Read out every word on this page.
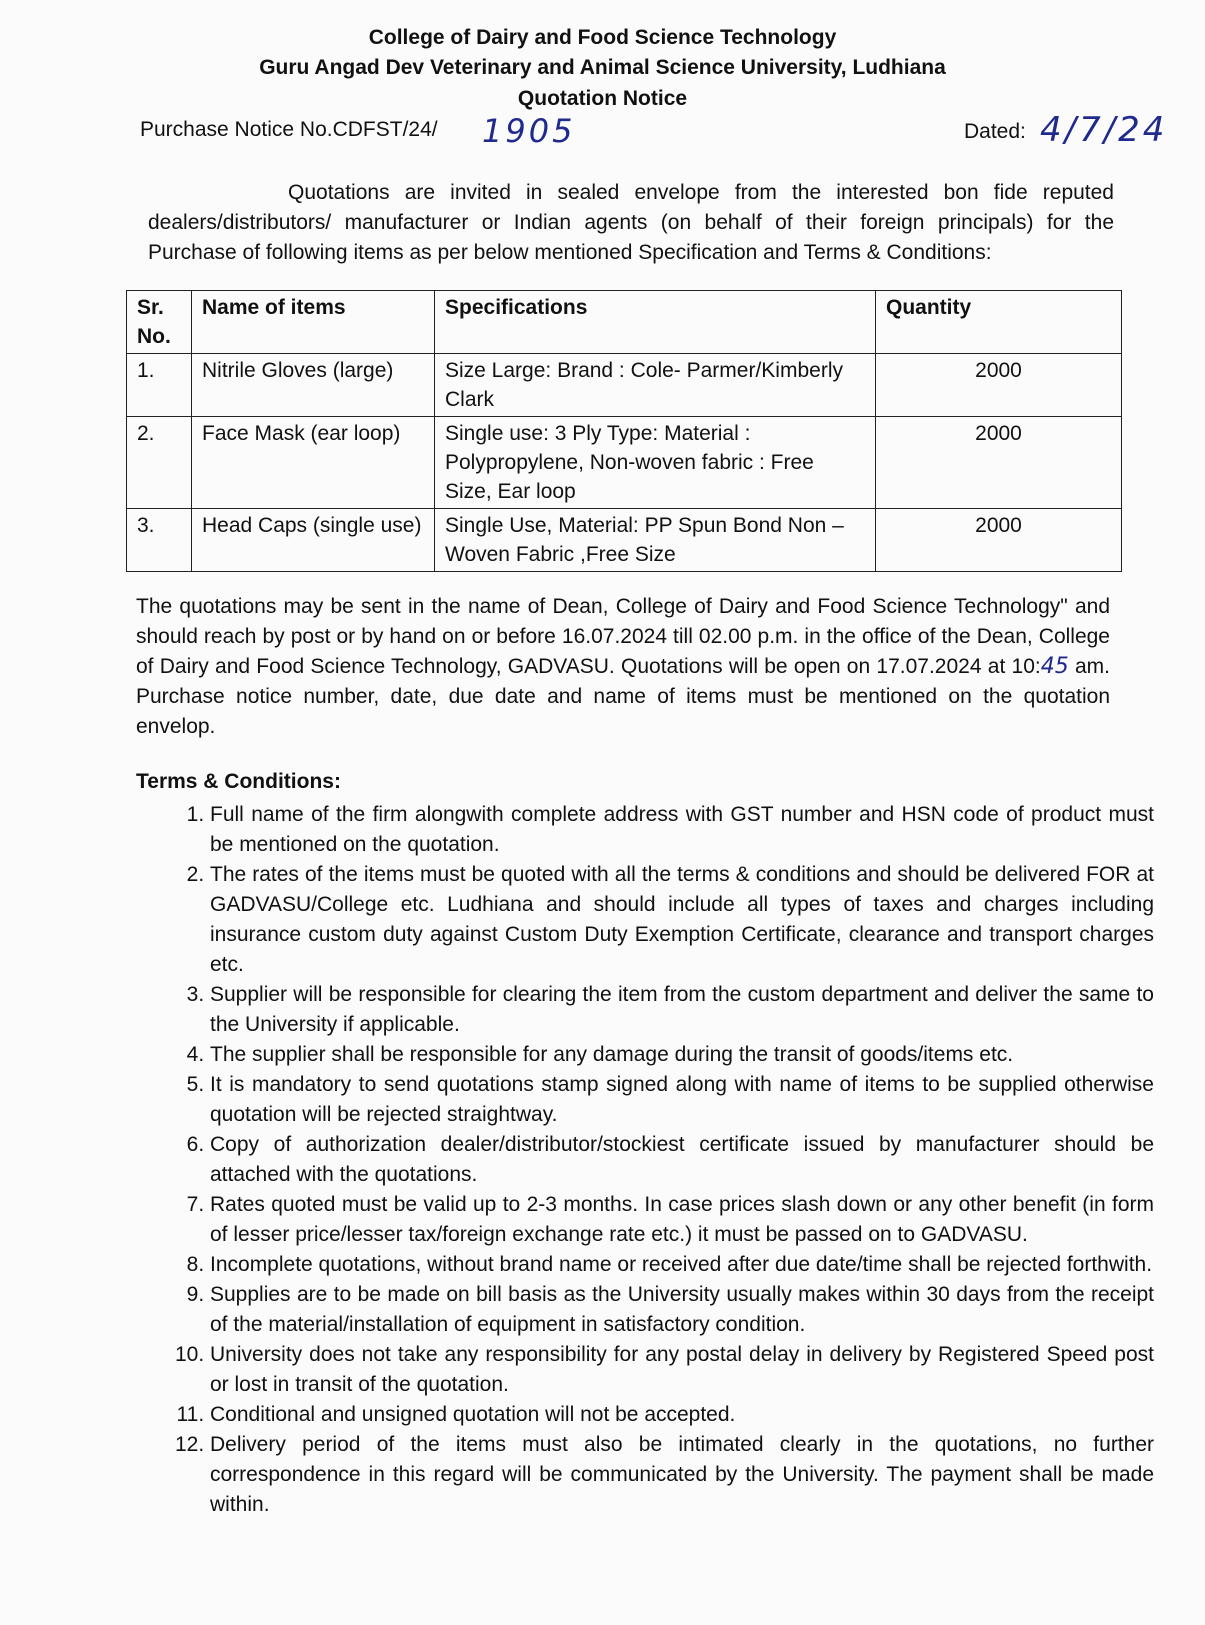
College of Dairy and Food Science Technology
Guru Angad Dev Veterinary and Animal Science University, Ludhiana
Quotation Notice
Purchase Notice No.CDFST/24/ 1905	Dated: 4/7/24
Quotations are invited in sealed envelope from the interested bon fide reputed dealers/distributors/ manufacturer or Indian agents (on behalf of their foreign principals) for the Purchase of following items as per below mentioned Specification and Terms & Conditions:
Sr. No.	Name of items	Specifications	Quantity
1.	Nitrile Gloves (large)	Size Large: Brand : Cole- Parmer/Kimberly Clark	2000
2.	Face Mask (ear loop)	Single use: 3 Ply Type: Material : Polypropylene, Non-woven fabric : Free Size, Ear loop	2000
3.	Head Caps (single use)	Single Use, Material: PP Spun Bond Non –Woven Fabric ,Free Size	2000
The quotations may be sent in the name of Dean, College of Dairy and Food Science Technology" and should reach by post or by hand on or before 16.07.2024 till 02.00 p.m. in the office of the Dean, College of Dairy and Food Science Technology, GADVASU. Quotations will be open on 17.07.2024 at 10:45 am. Purchase notice number, date, due date and name of items must be mentioned on the quotation envelop.
Terms & Conditions:
1. Full name of the firm alongwith complete address with GST number and HSN code of product must be mentioned on the quotation.
2. The rates of the items must be quoted with all the terms & conditions and should be delivered FOR at GADVASU/College etc. Ludhiana and should include all types of taxes and charges including insurance custom duty against Custom Duty Exemption Certificate, clearance and transport charges etc.
3. Supplier will be responsible for clearing the item from the custom department and deliver the same to the University if applicable.
4. The supplier shall be responsible for any damage during the transit of goods/items etc.
5. It is mandatory to send quotations stamp signed along with name of items to be supplied otherwise quotation will be rejected straightway.
6. Copy of authorization dealer/distributor/stockiest certificate issued by manufacturer should be attached with the quotations.
7. Rates quoted must be valid up to 2-3 months. In case prices slash down or any other benefit (in form of lesser price/lesser tax/foreign exchange rate etc.) it must be passed on to GADVASU.
8. Incomplete quotations, without brand name or received after due date/time shall be rejected forthwith.
9. Supplies are to be made on bill basis as the University usually makes within 30 days from the receipt of the material/installation of equipment in satisfactory condition.
10. University does not take any responsibility for any postal delay in delivery by Registered Speed post or lost in transit of the quotation.
11. Conditional and unsigned quotation will not be accepted.
12. Delivery period of the items must also be intimated clearly in the quotations, no further correspondence in this regard will be communicated by the University. The payment shall be made within.
